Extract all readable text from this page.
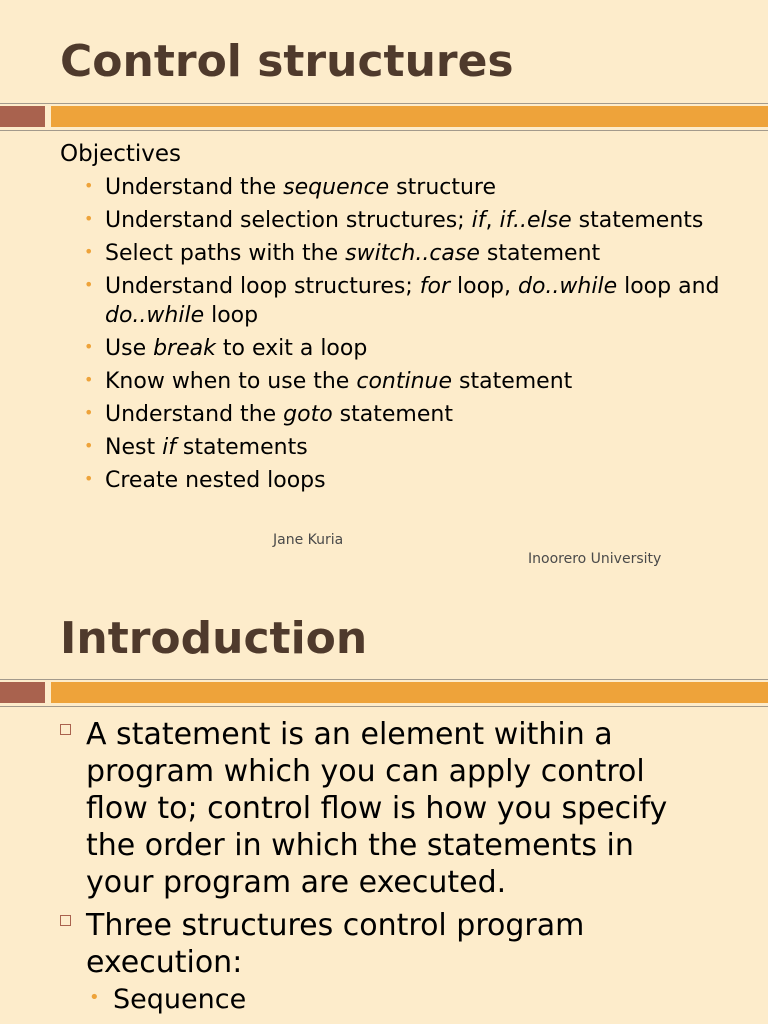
Control structures

Objectives

• Understand the sequence structure
• Understand selection structures; if, if..else statements
• Select paths with the switch..case statement
• Understand loop structures; for loop, do..while loop and do..while loop
• Use break to exit a loop
• Know when to use the continue statement
• Understand the goto statement
• Nest if statements
• Create nested loops
Jane Kuria
Inoorero University
Introduction
A statement is an element within a program which you can apply control flow to; control flow is how you specify the order in which the statements in your program are executed.
Three structures control program execution:
• Sequence
